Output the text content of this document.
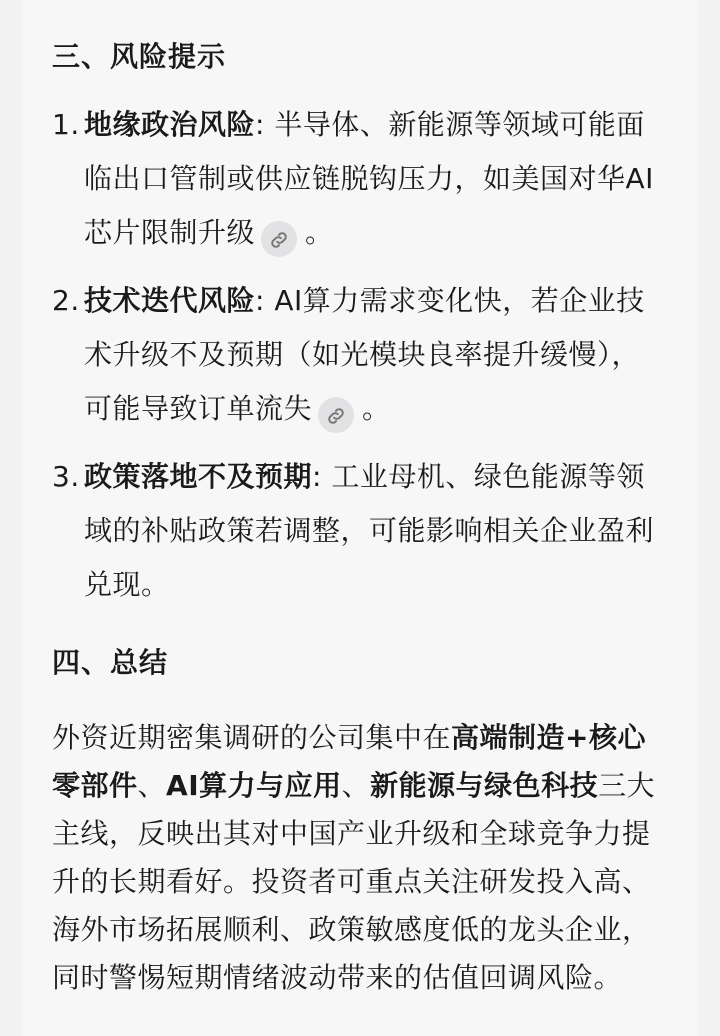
三、风险提示
1. 地缘政治风险: 半导体、新能源等领域可能面临出口管制或供应链脱钩压力，如美国对华AI芯片限制升级 。
2. 技术迭代风险: AI算力需求变化快，若企业技术升级不及预期（如光模块良率提升缓慢），可能导致订单流失 。
3. 政策落地不及预期: 工业母机、绿色能源等领域的补贴政策若调整，可能影响相关企业盈利兑现。
四、总结

外资近期密集调研的公司集中在高端制造+核心零部件、AI算力与应用、新能源与绿色科技三大主线，反映出其对中国产业升级和全球竞争力提升的长期看好。投资者可重点关注研发投入高、海外市场拓展顺利、政策敏感度低的龙头企业，同时警惕短期情绪波动带来的估值回调风险。
